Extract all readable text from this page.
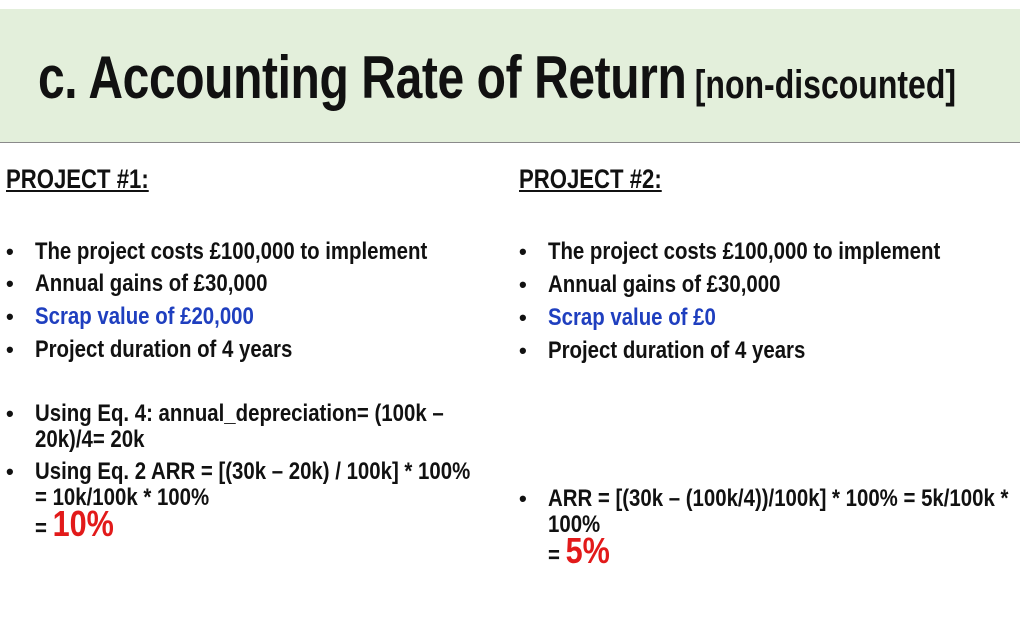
c. Accounting Rate of Return [non-discounted]
PROJECT #1:
• The project costs £100,000 to implement
• Annual gains of £30,000
• Scrap value of £20,000
• Project duration of 4 years
• Using Eq. 4: annual_depreciation= (100k – 20k)/4= 20k
• Using Eq. 2 ARR = [(30k – 20k) / 100k] * 100% = 10k/100k * 100%
= 10%
PROJECT #2:
• The project costs £100,000 to implement
• Annual gains of £30,000
• Scrap value of £0
• Project duration of 4 years
• ARR = [(30k – (100k/4))/100k] * 100% = 5k/100k * 100%
= 5%
